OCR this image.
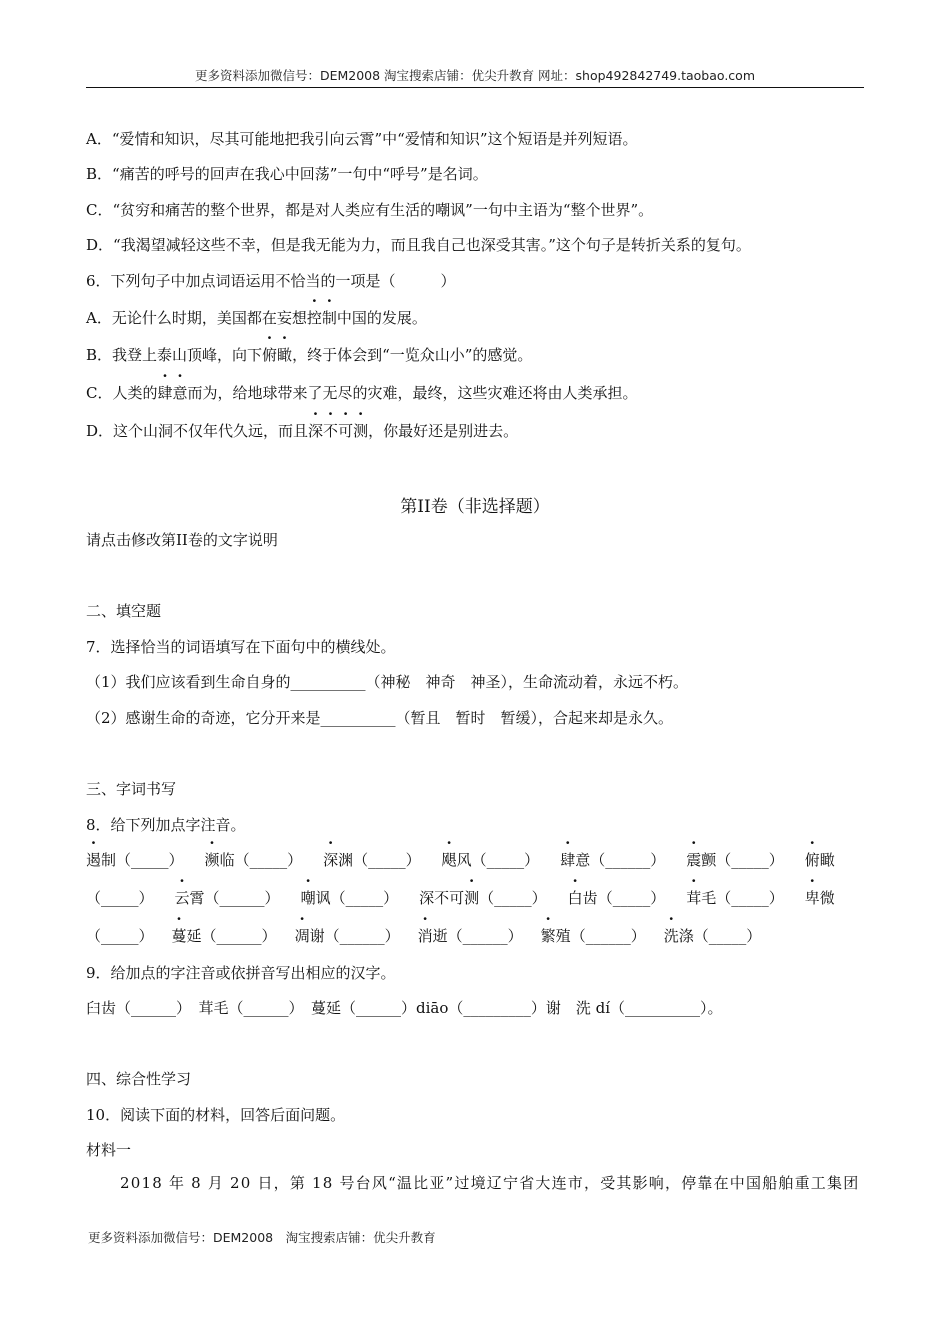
更多资料添加微信号：DEM2008 淘宝搜索店铺：优尖升教育 网址：shop492842749.taobao.com
A．“爱情和知识，尽其可能地把我引向云霄”中“爱情和知识”这个短语是并列短语。
B．“痛苦的呼号的回声在我心中回荡”一句中“呼号”是名词。
C．“贫穷和痛苦的整个世界，都是对人类应有生活的嘲讽”一句中主语为“整个世界”。
D．“我渴望减轻这些不幸，但是我无能为力，而且我自己也深受其害。”这个句子是转折关系的复句。
6．下列句子中加点词语运用不恰当的一项是（　　　）
A．无论什么时期，美国都在妄想控制中国的发展。
B．我登上泰山顶峰，向下俯瞰，终于体会到“一览众山小”的感觉。
C．人类的肆意而为，给地球带来了无尽的灾难，最终，这些灾难还将由人类承担。
D．这个山洞不仅年代久远，而且深不可测，你最好还是别进去。
第II卷（非选择题）
请点击修改第II卷的文字说明
二、填空题
7．选择恰当的词语填写在下面句中的横线处。
（1）我们应该看到生命自身的__________（神秘　神奇　神圣），生命流动着，永远不朽。
（2）感谢生命的奇迹，它分开来是__________（暂且　暂时　暂缓），合起来却是永久。
三、字词书写
8．给下列加点字注音。
遏制（_____） 濒临（_____） 深渊（_____） 飓风（_____） 肆意（______） 震颤（_____） 俯瞰
（_____） 云霄（______） 嘲讽（_____） 深不可测（_____） 白齿（_____） 茸毛（_____） 卑微
（_____） 蔓延（______） 凋谢（______） 消逝（______） 繁殖（______） 洗涤（_____）
9．给加点的字注音或依拼音写出相应的汉字。
臼齿（______）　茸毛（______）　蔓延（______）diāo（_________）谢　洗 dí（__________）。
四、综合性学习
10．阅读下面的材料，回答后面问题。
材料一
2018 年 8 月 20 日，第 18 号台风“温比亚”过境辽宁省大连市，受其影响，停靠在中国船舶重工集团
更多资料添加微信号：DEM2008　淘宝搜索店铺：优尖升教育
